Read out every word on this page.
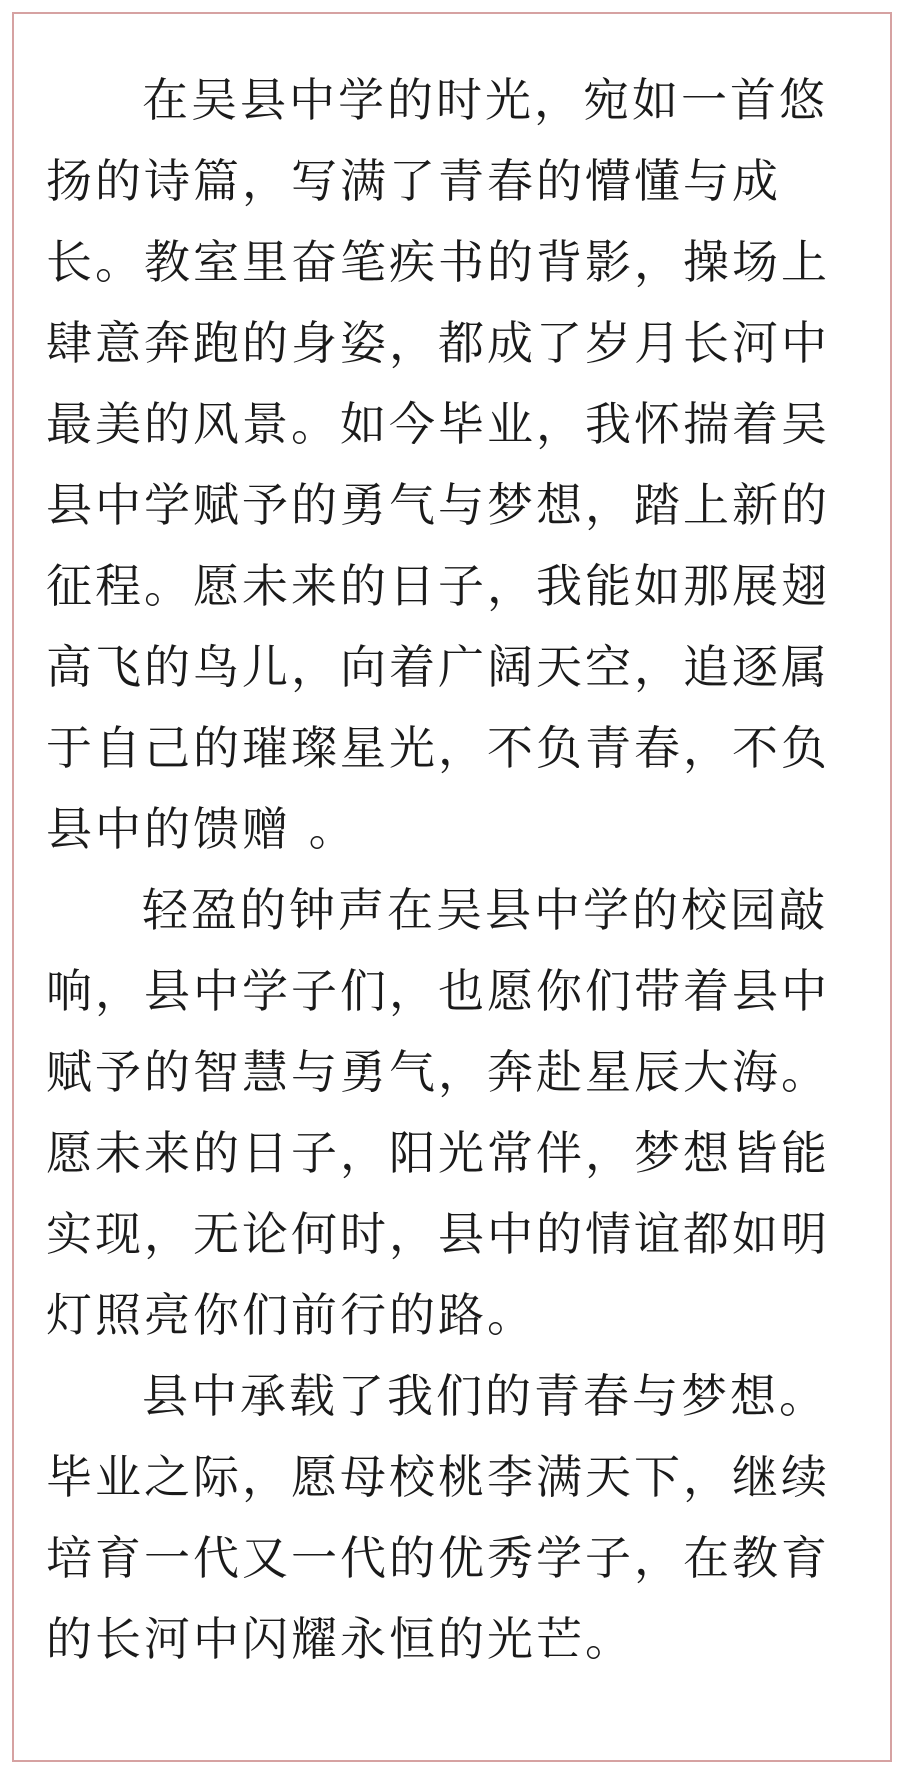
在吴县中学的时光，宛如一首悠
扬的诗篇，写满了青春的懵懂与成
长。教室里奋笔疾书的背影，操场上
肆意奔跑的身姿，都成了岁月长河中
最美的风景。如今毕业，我怀揣着吴
县中学赋予的勇气与梦想，踏上新的
征程。愿未来的日子，我能如那展翅
高飞的鸟儿，向着广阔天空，追逐属
于自己的璀璨星光，不负青春，不负
县中的馈赠 。
轻盈的钟声在吴县中学的校园敲
响，县中学子们，也愿你们带着县中
赋予的智慧与勇气，奔赴星辰大海。
愿未来的日子，阳光常伴，梦想皆能
实现，无论何时，县中的情谊都如明
灯照亮你们前行的路。
县中承载了我们的青春与梦想。
毕业之际，愿母校桃李满天下，继续
培育一代又一代的优秀学子，在教育
的长河中闪耀永恒的光芒。
